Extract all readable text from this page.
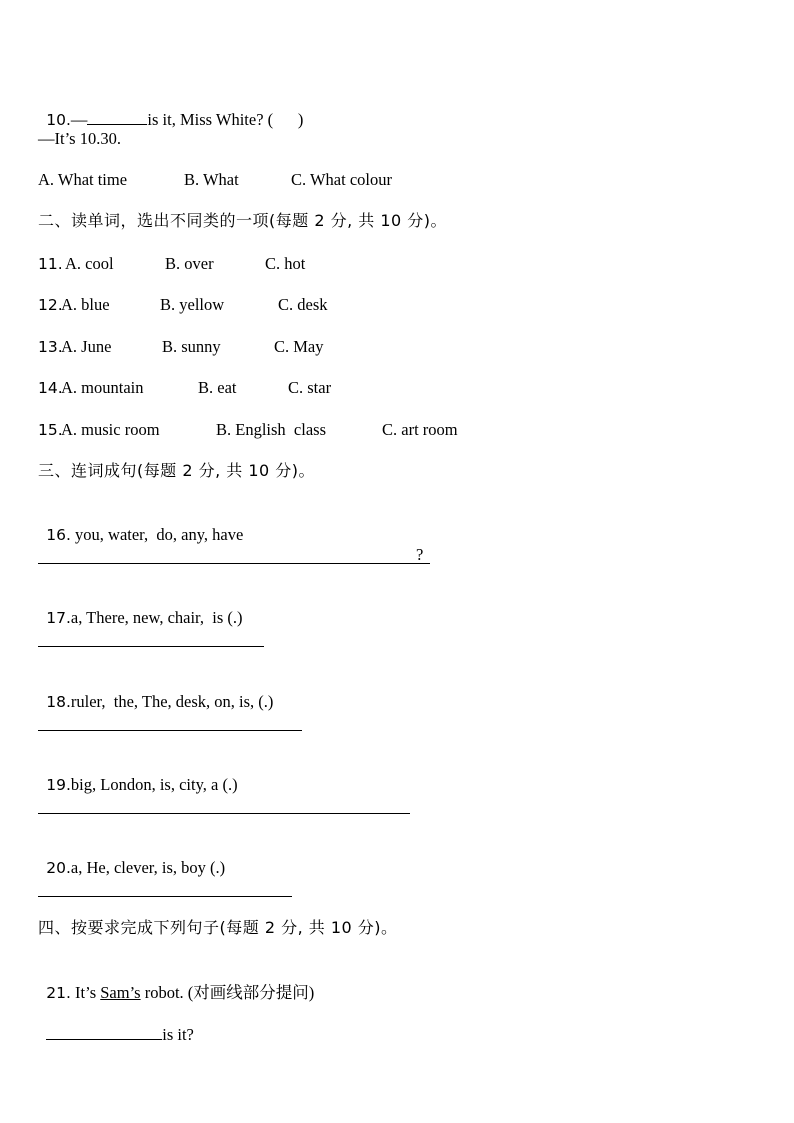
10.—	is it, Miss White? (      )

—It’s 10.30.
A. What time	B. What	C. What colour
二、读单词，选出不同类的一项(每题 2 分, 共 10 分)。
11. A. cool	B. over	C. hot
12.
A. blue	B. yellow	C. desk
13.
A. June	B. sunny	C. May
14.
A. mountain	B. eat	C. star
15.
A. music room	B. English  class	C. art room
三、连词成句(每题 2 分, 共 10 分)。

16. you, water,  do, any, have

?

17.a, There, new, chair,  is (.)

18.ruler,  the, The, desk, on, is, (.)

19.big, London, is, city, a (.)

20.a, He, clever, is, boy (.)

四、按要求完成下列句子(每题 2 分, 共 10 分)。

21. It’s Sam’s robot. (对画线部分提问)

is it?
